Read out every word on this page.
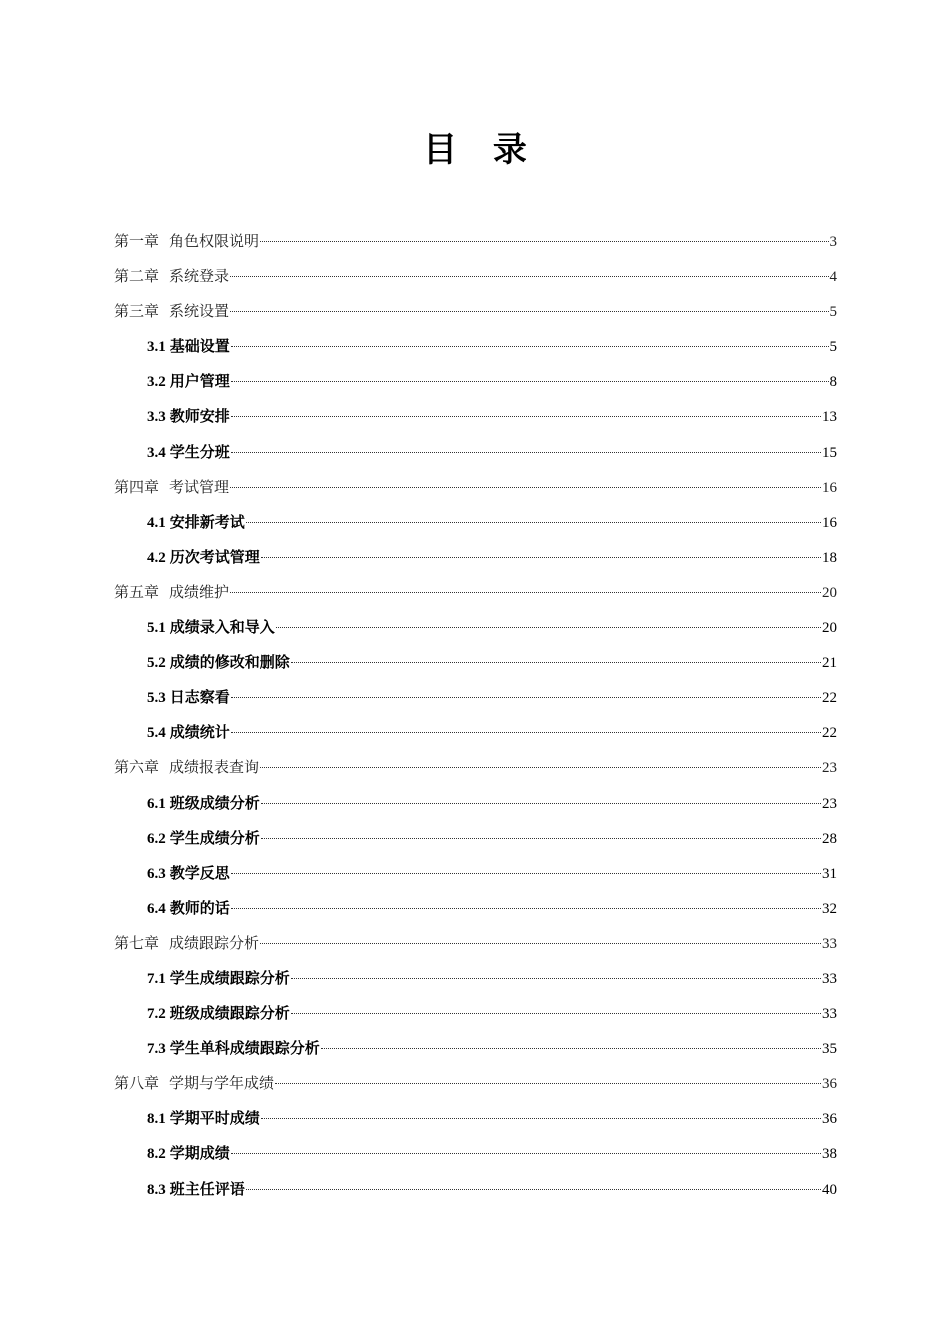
目 录
第一章 角色权限说明	3
第二章 系统登录	4
第三章 系统设置	5
3.1 基础设置	5
3.2 用户管理	8
3.3 教师安排	13
3.4 学生分班	15
第四章 考试管理	16
4.1 安排新考试	16
4.2 历次考试管理	18
第五章 成绩维护	20
5.1 成绩录入和导入	20
5.2 成绩的修改和删除	21
5.3 日志察看	22
5.4 成绩统计	22
第六章 成绩报表查询	23
6.1 班级成绩分析	23
6.2 学生成绩分析	28
6.3 教学反思	31
6.4 教师的话	32
第七章 成绩跟踪分析	33
7.1 学生成绩跟踪分析	33
7.2 班级成绩跟踪分析	33
7.3 学生单科成绩跟踪分析	35
第八章 学期与学年成绩	36
8.1 学期平时成绩	36
8.2 学期成绩	38
8.3 班主任评语	40
